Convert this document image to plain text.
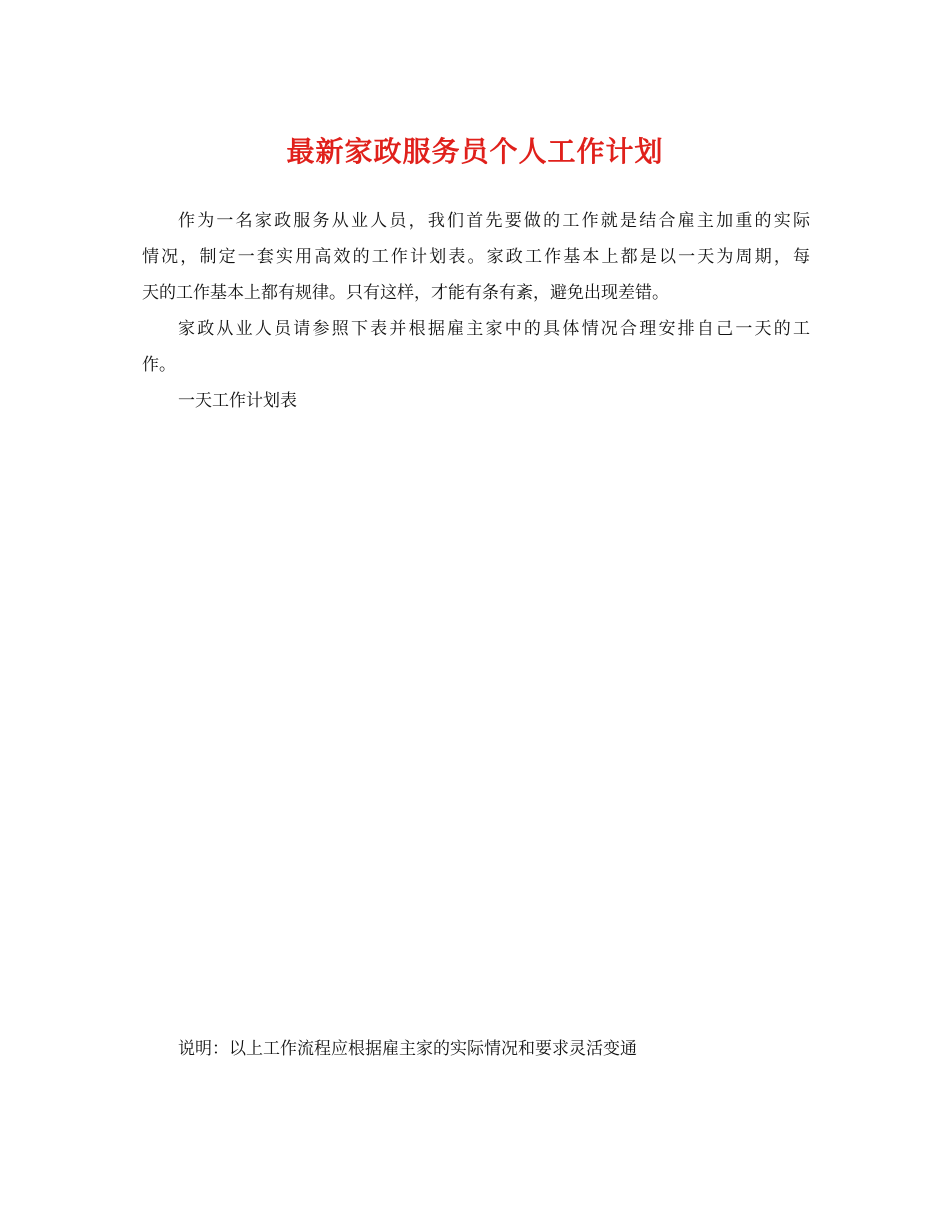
最新家政服务员个人工作计划
作为一名家政服务从业人员，我们首先要做的工作就是结合雇主加重的实际
情况，制定一套实用高效的工作计划表。家政工作基本上都是以一天为周期，每
天的工作基本上都有规律。只有这样，才能有条有紊，避免出现差错。
家政从业人员请参照下表并根据雇主家中的具体情况合理安排自己一天的工
作。
一天工作计划表
说明：以上工作流程应根据雇主家的实际情况和要求灵活变通
